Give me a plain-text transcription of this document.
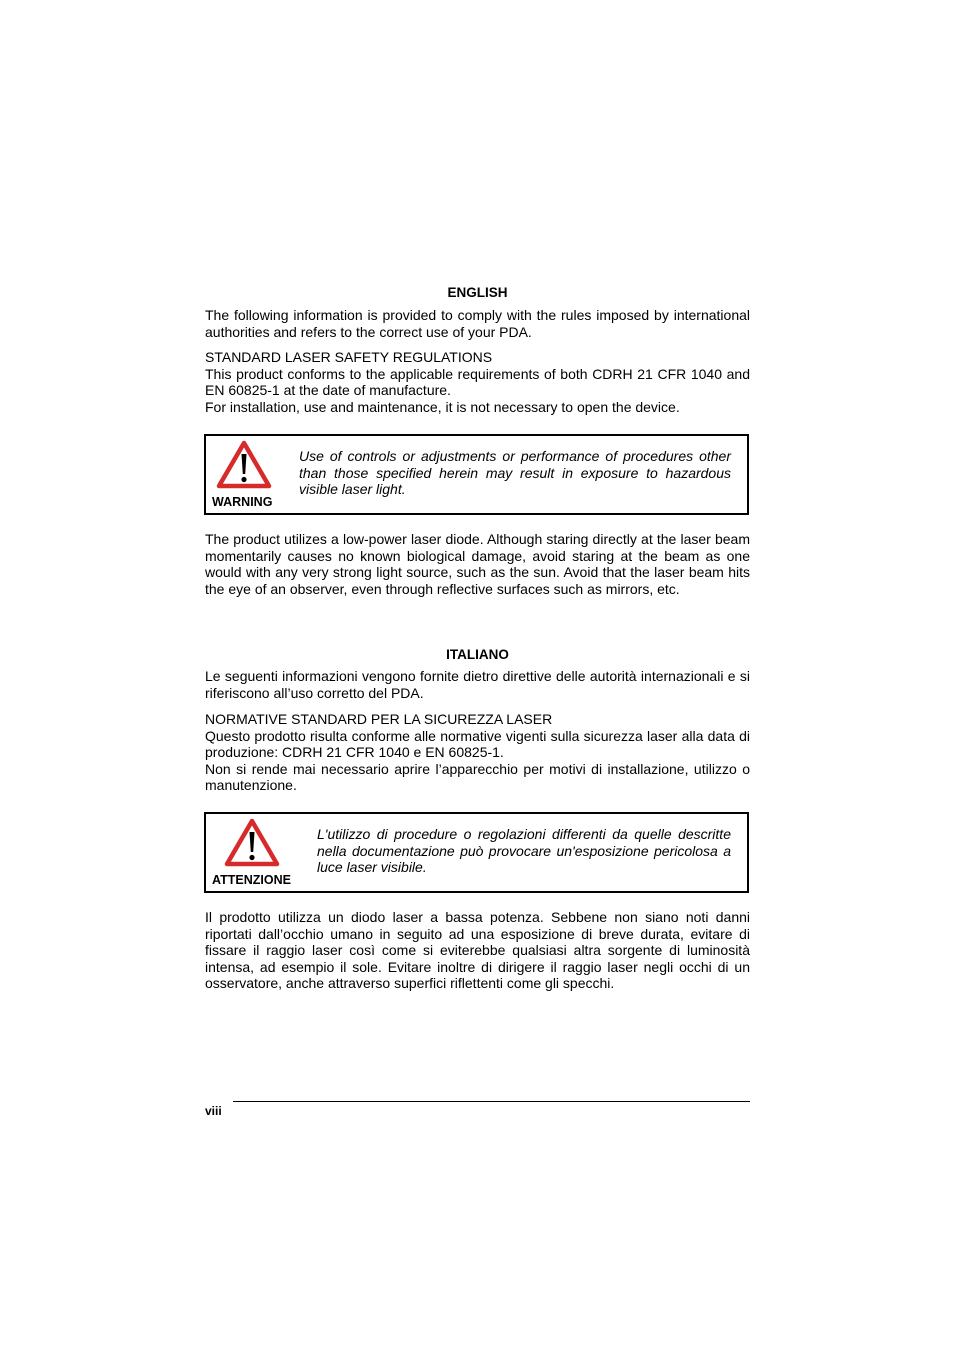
ENGLISH

The following information is provided to comply with the rules imposed by international authorities and refers to the correct use of your PDA.

STANDARD LASER SAFETY REGULATIONS

This product conforms to the applicable requirements of both CDRH 21 CFR 1040 and EN 60825-1 at the date of manufacture.

For installation, use and maintenance, it is not necessary to open the device.

WARNING
Use of controls or adjustments or performance of procedures other than those specified herein may result in exposure to hazardous visible laser light.

The product utilizes a low-power laser diode. Although staring directly at the laser beam momentarily causes no known biological damage, avoid staring at the beam as one would with any very strong light source, such as the sun. Avoid that the laser beam hits the eye of an observer, even through reflective surfaces such as mirrors, etc.

ITALIANO

Le seguenti informazioni vengono fornite dietro direttive delle autorità internazionali e si riferiscono all’uso corretto del PDA.

NORMATIVE STANDARD PER LA SICUREZZA LASER

Questo prodotto risulta conforme alle normative vigenti sulla sicurezza laser alla data di produzione: CDRH 21 CFR 1040 e EN 60825-1.

Non si rende mai necessario aprire l’apparecchio per motivi di installazione, utilizzo o manutenzione.

ATTENZIONE
L'utilizzo di procedure o regolazioni differenti da quelle descritte nella documentazione può provocare un'esposizione pericolosa a luce laser visibile.

Il prodotto utilizza un diodo laser a bassa potenza. Sebbene non siano noti danni riportati dall’occhio umano in seguito ad una esposizione di breve durata, evitare di fissare il raggio laser così come si eviterebbe qualsiasi altra sorgente di luminosità intensa, ad esempio il sole. Evitare inoltre di dirigere il raggio laser negli occhi di un osservatore, anche attraverso superfici riflettenti come gli specchi.

viii
